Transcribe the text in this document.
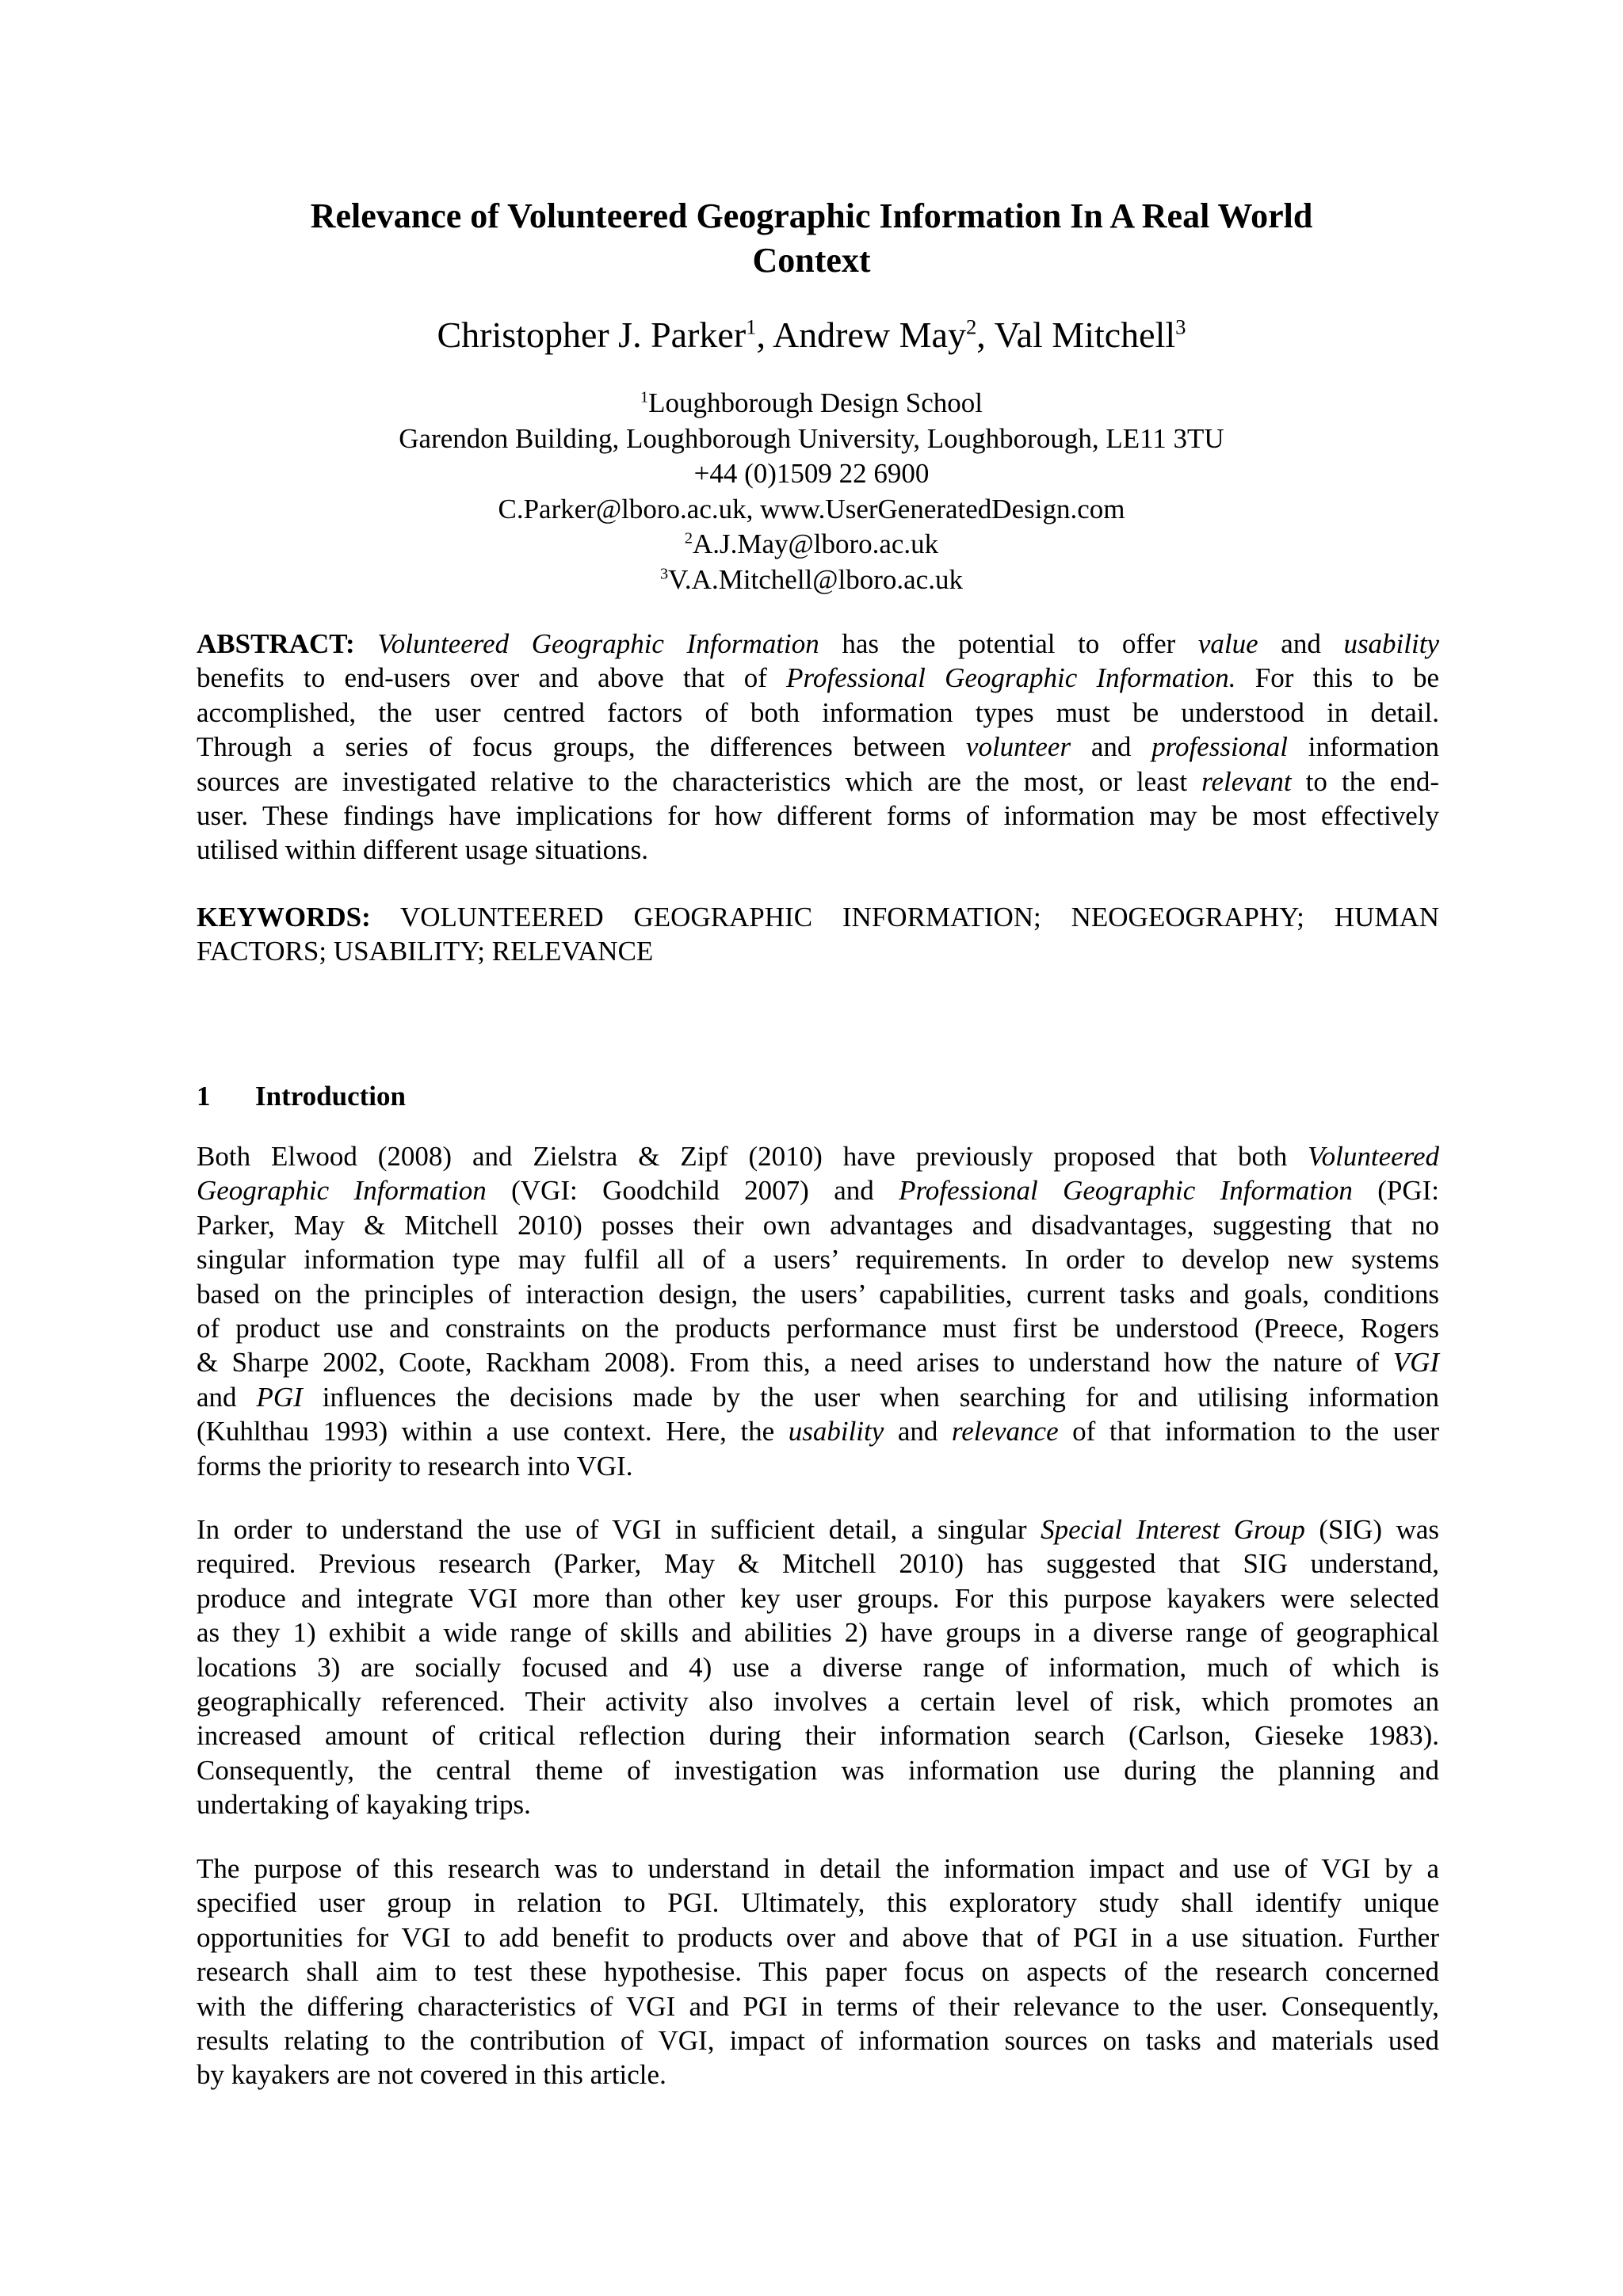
Relevance of Volunteered Geographic Information In A Real World
Context
Christopher J. Parker$^1$, Andrew May$^2$, Val Mitchell$^3$
$^1$Loughborough Design School
Garendon Building, Loughborough University, Loughborough, LE11 3TU
+44 (0)1509 22 6900
C.Parker@lboro.ac.uk, www.UserGeneratedDesign.com
$^2$A.J.May@lboro.ac.uk
$^3$V.A.Mitchell@lboro.ac.uk
ABSTRACT: Volunteered Geographic Information has the potential to offer value and usability
benefits to end-users over and above that of Professional Geographic Information. For this to be
accomplished, the user centred factors of both information types must be understood in detail.
Through a series of focus groups, the differences between volunteer and professional information
sources are investigated relative to the characteristics which are the most, or least relevant to the end-
user. These findings have implications for how different forms of information may be most effectively
utilised within different usage situations.
KEYWORDS: VOLUNTEERED GEOGRAPHIC INFORMATION; NEOGEOGRAPHY; HUMAN
FACTORS; USABILITY; RELEVANCE
1 Introduction
Both Elwood (2008) and Zielstra & Zipf (2010) have previously proposed that both Volunteered
Geographic Information (VGI: Goodchild 2007) and Professional Geographic Information (PGI:
Parker, May & Mitchell 2010) posses their own advantages and disadvantages, suggesting that no
singular information type may fulfil all of a users’ requirements. In order to develop new systems
based on the principles of interaction design, the users’ capabilities, current tasks and goals, conditions
of product use and constraints on the products performance must first be understood (Preece, Rogers
& Sharpe 2002, Coote, Rackham 2008). From this, a need arises to understand how the nature of VGI
and PGI influences the decisions made by the user when searching for and utilising information
(Kuhlthau 1993) within a use context. Here, the usability and relevance of that information to the user
forms the priority to research into VGI.
In order to understand the use of VGI in sufficient detail, a singular Special Interest Group (SIG) was
required. Previous research (Parker, May & Mitchell 2010) has suggested that SIG understand,
produce and integrate VGI more than other key user groups. For this purpose kayakers were selected
as they 1) exhibit a wide range of skills and abilities 2) have groups in a diverse range of geographical
locations 3) are socially focused and 4) use a diverse range of information, much of which is
geographically referenced. Their activity also involves a certain level of risk, which promotes an
increased amount of critical reflection during their information search (Carlson, Gieseke 1983).
Consequently, the central theme of investigation was information use during the planning and
undertaking of kayaking trips.
The purpose of this research was to understand in detail the information impact and use of VGI by a
specified user group in relation to PGI. Ultimately, this exploratory study shall identify unique
opportunities for VGI to add benefit to products over and above that of PGI in a use situation. Further
research shall aim to test these hypothesise. This paper focus on aspects of the research concerned
with the differing characteristics of VGI and PGI in terms of their relevance to the user. Consequently,
results relating to the contribution of VGI, impact of information sources on tasks and materials used
by kayakers are not covered in this article.
